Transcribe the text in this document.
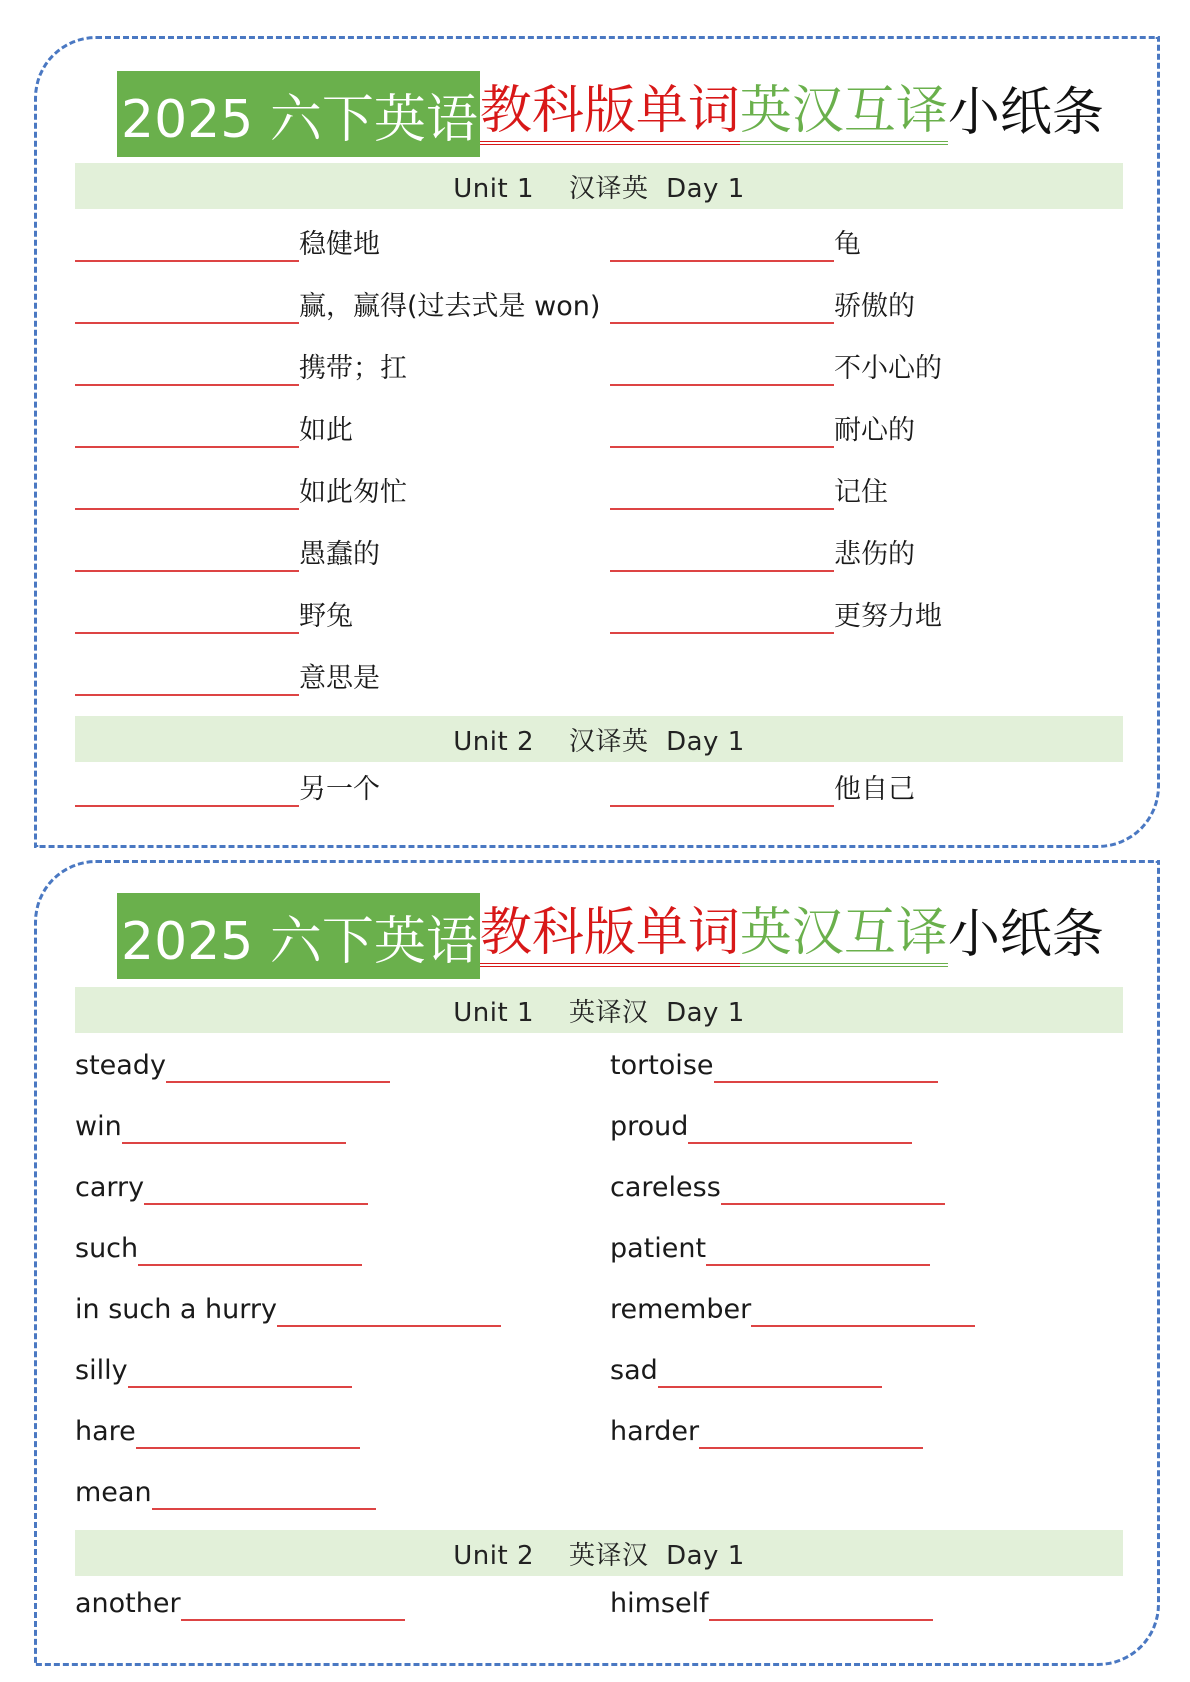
2025 六下英语 教科版单词 英汉互译 小纸条
Unit 1    汉译英  Day 1
稳健地	龟
赢，赢得(过去式是 won)	骄傲的
携带；扛	不小心的
如此	耐心的
如此匆忙	记住
愚蠢的	悲伤的
野兔	更努力地
意思是
Unit 2    汉译英  Day 1
另一个	他自己
2025 六下英语 教科版单词 英汉互译 小纸条
Unit 1    英译汉  Day 1
steady	tortoise
win	proud
carry	careless
such	patient
in such a hurry	remember
silly	sad
hare	harder
mean
Unit 2    英译汉  Day 1
another	himself
